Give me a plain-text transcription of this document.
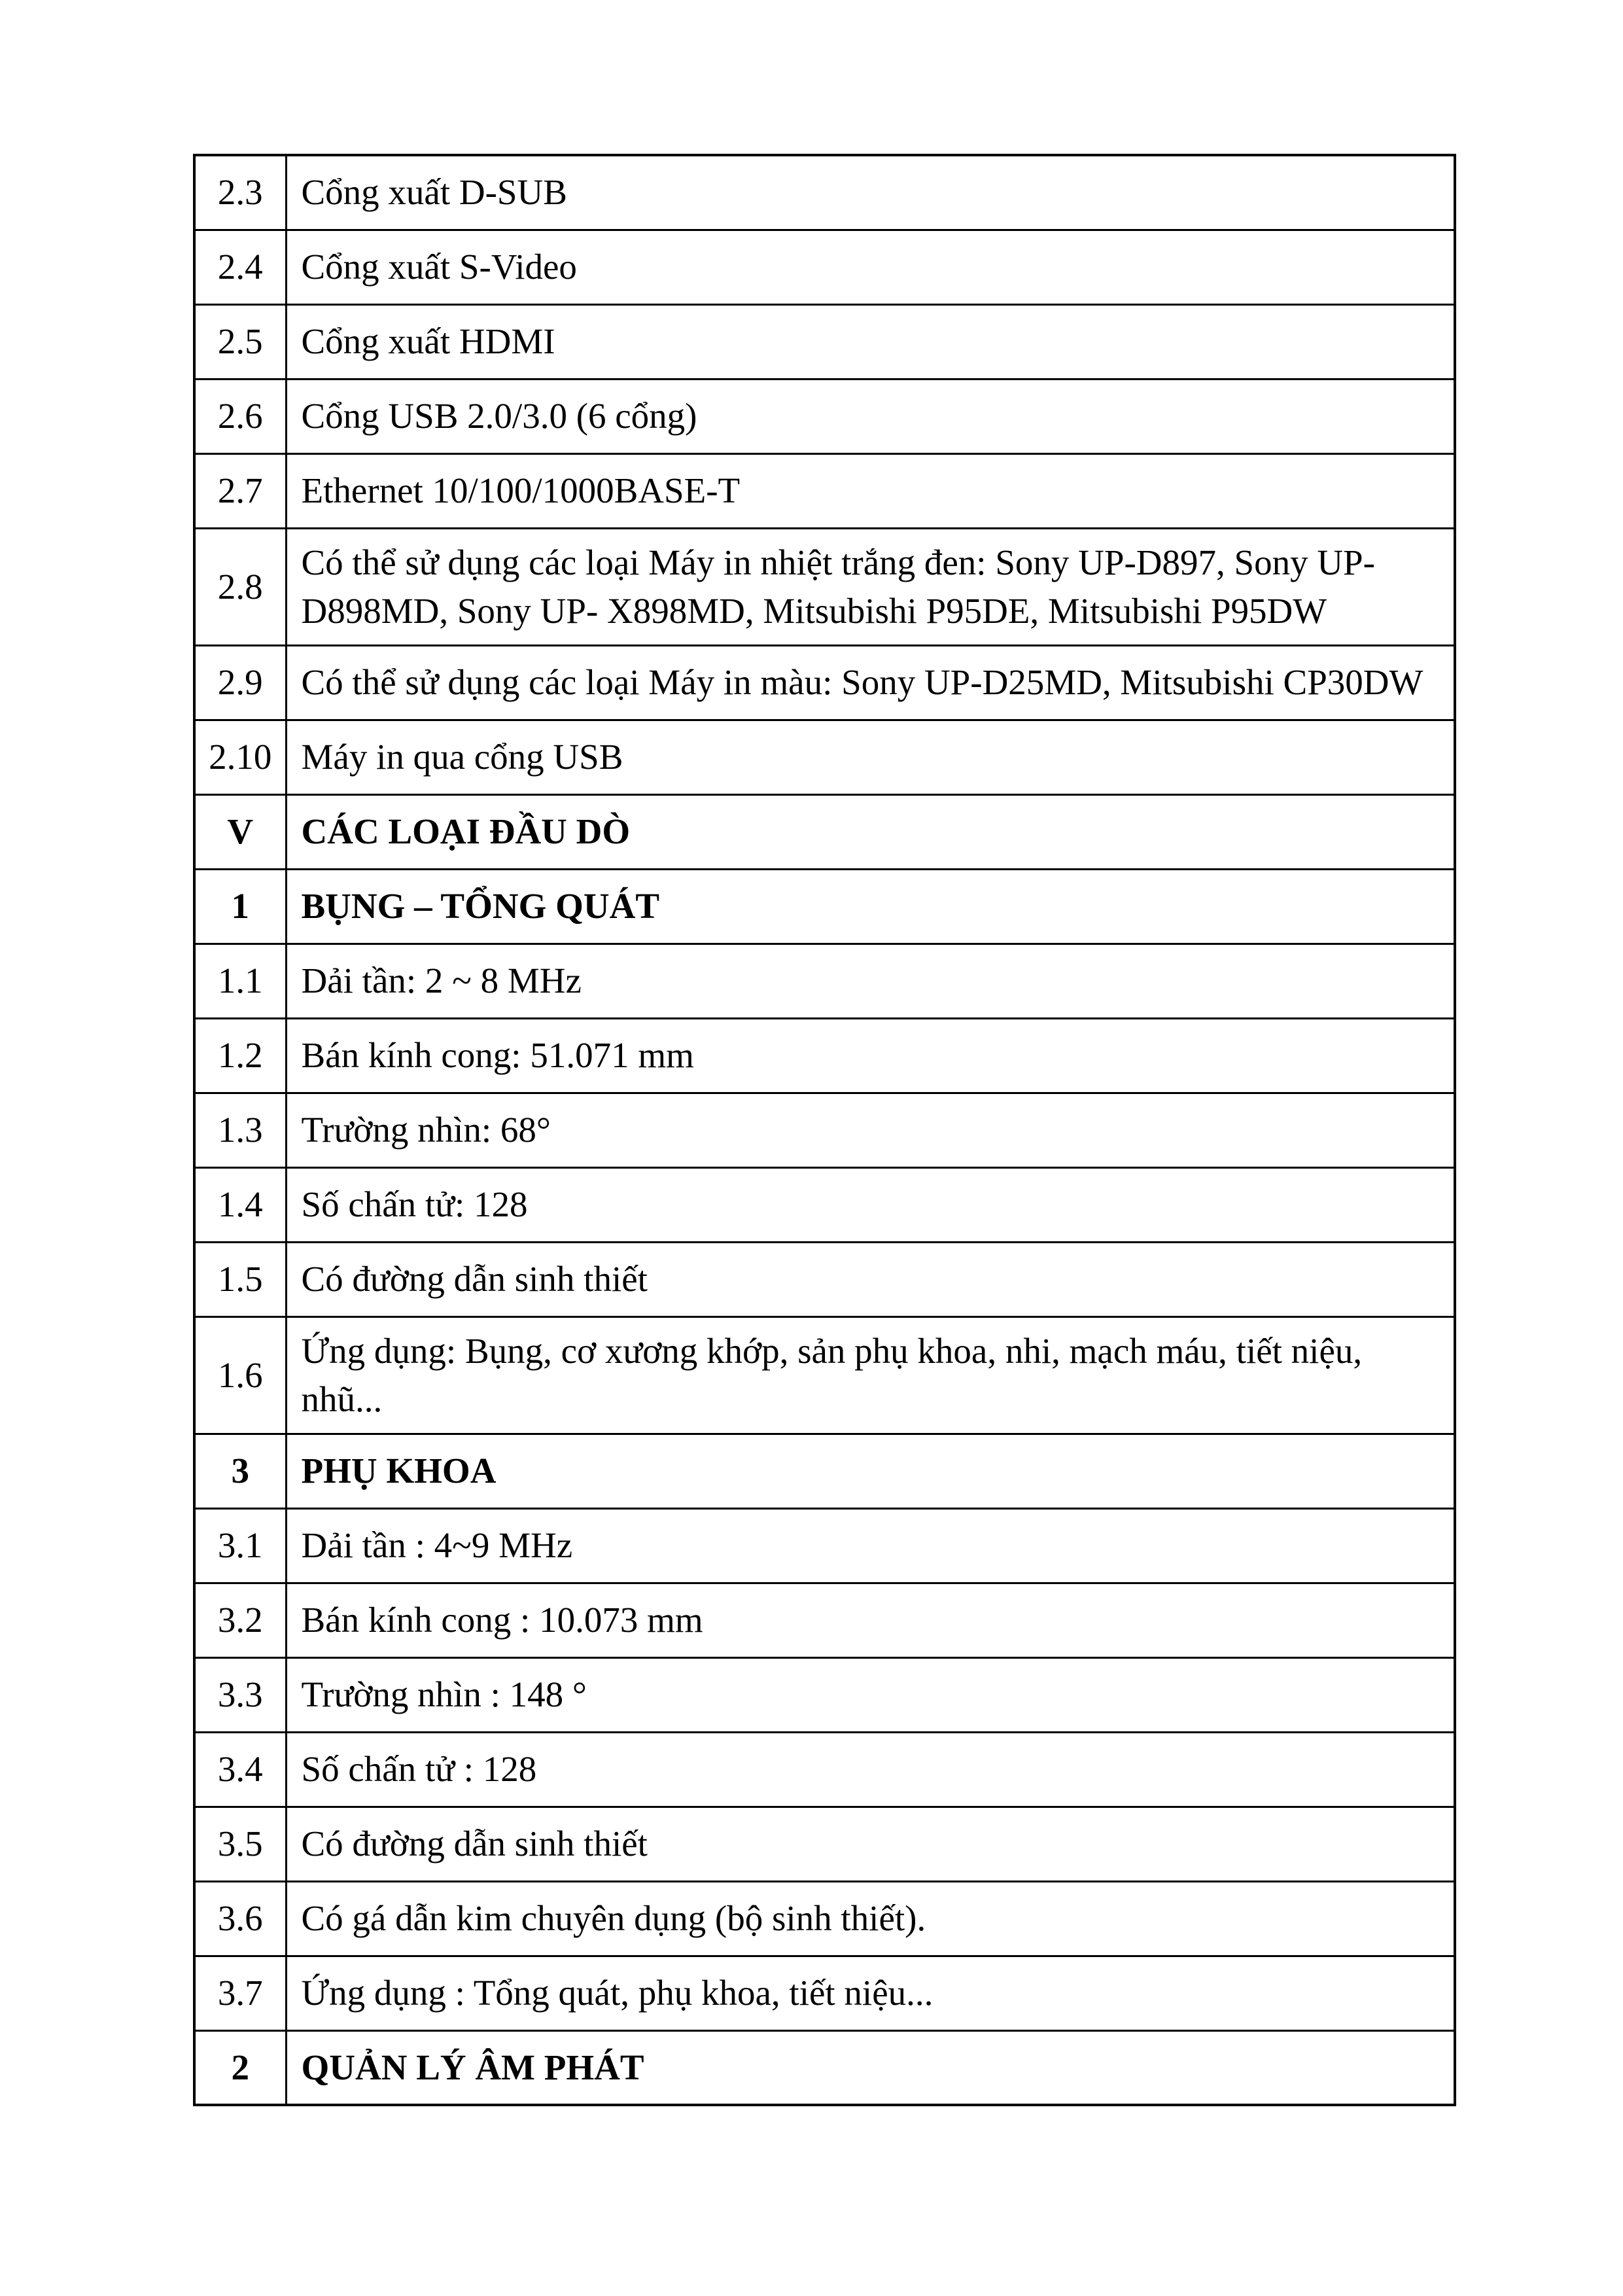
2.3	Cổng xuất D-SUB
2.4	Cổng xuất S-Video
2.5	Cổng xuất HDMI
2.6	Cổng USB 2.0/3.0 (6 cổng)
2.7	Ethernet 10/100/1000BASE-T
2.8	Có thể sử dụng các loại Máy in nhiệt trắng đen: Sony UP-D897, Sony UP-D898MD, Sony UP- X898MD, Mitsubishi P95DE, Mitsubishi P95DW
2.9	Có thể sử dụng các loại Máy in màu: Sony UP-D25MD, Mitsubishi CP30DW
2.10	Máy in qua cổng USB
V	CÁC LOẠI ĐẦU DÒ
1	BỤNG – TỔNG QUÁT
1.1	Dải tần: 2 ~ 8 MHz
1.2	Bán kính cong: 51.071 mm
1.3	Trường nhìn: 68°
1.4	Số chấn tử: 128
1.5	Có đường dẫn sinh thiết
1.6	Ứng dụng: Bụng, cơ xương khớp, sản phụ khoa, nhi, mạch máu, tiết niệu, nhũ...
3	PHỤ KHOA
3.1	Dải tần : 4~9 MHz
3.2	Bán kính cong : 10.073 mm
3.3	Trường nhìn : 148 °
3.4	Số chấn tử : 128
3.5	Có đường dẫn sinh thiết
3.6	Có gá dẫn kim chuyên dụng (bộ sinh thiết).
3.7	Ứng dụng : Tổng quát, phụ khoa, tiết niệu...
2	QUẢN LÝ ÂM PHÁT
